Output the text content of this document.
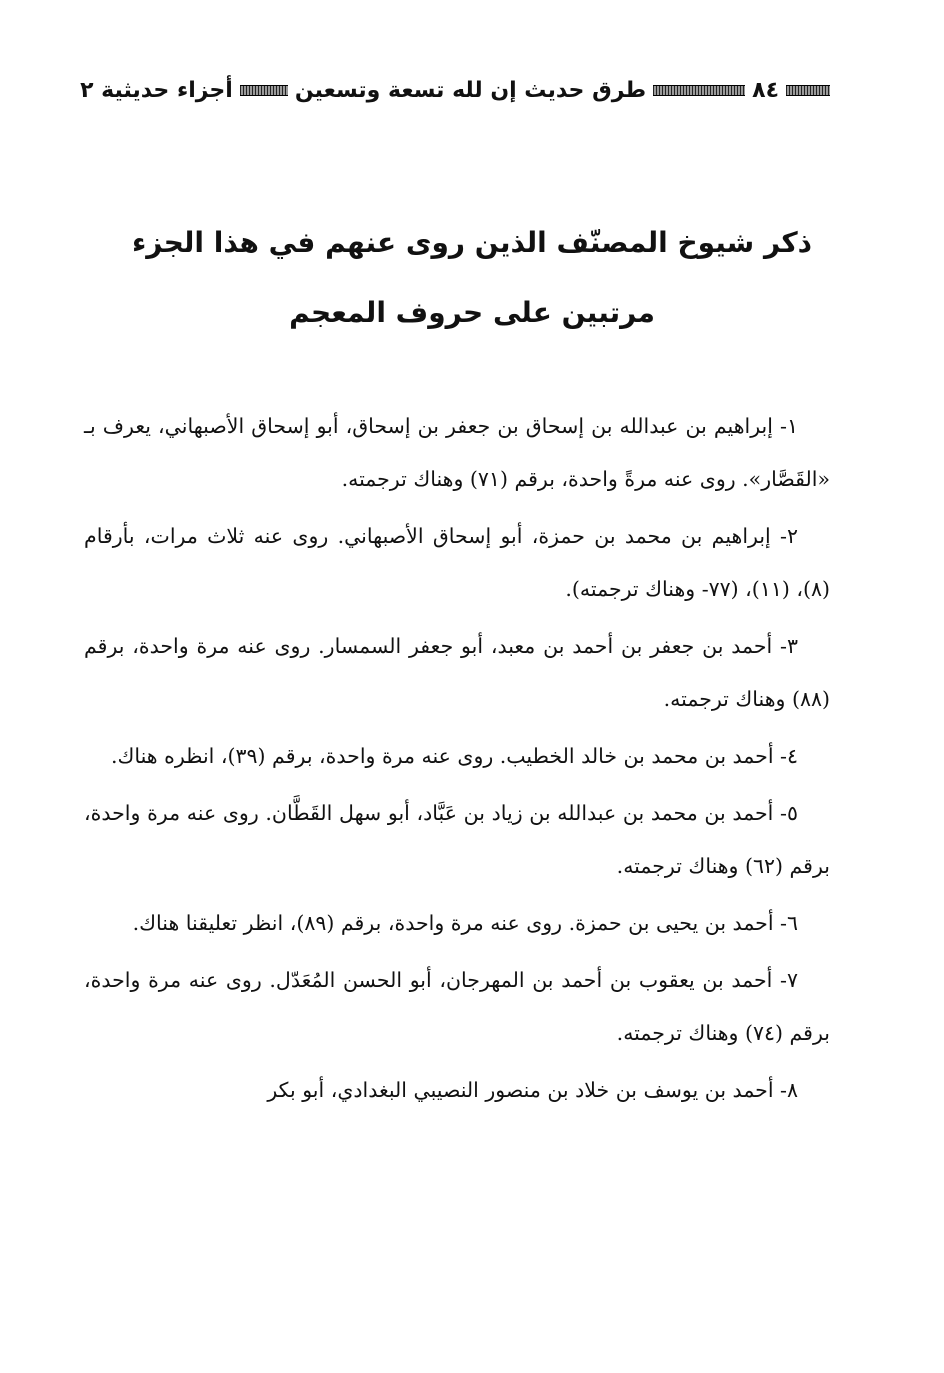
٨٤
طرق حديث إن لله تسعة وتسعين
أجزاء حديثية ٢
ذكر شيوخ المصنّف الذين روى عنهم في هذا الجزء
مرتبين على حروف المعجم

١- إبراهيم بن عبدالله بن إسحاق بن جعفر بن إسحاق، أبو إسحاق الأصبهاني، يعرف بـ «القَصَّار». روى عنه مرةً واحدة، برقم (٧١) وهناك ترجمته.

٢- إبراهيم بن محمد بن حمزة، أبو إسحاق الأصبهاني. روى عنه ثلاث مرات، بأرقام (٨)، (١١)، (٧٧- وهناك ترجمته).

٣- أحمد بن جعفر بن أحمد بن معبد، أبو جعفر السمسار. روى عنه مرة واحدة، برقم (٨٨) وهناك ترجمته.

٤- أحمد بن محمد بن خالد الخطيب. روى عنه مرة واحدة، برقم (٣٩)، انظره هناك.

٥- أحمد بن محمد بن عبدالله بن زياد بن عَبَّاد، أبو سهل القَطَّان. روى عنه مرة واحدة، برقم (٦٢) وهناك ترجمته.

٦- أحمد بن يحيى بن حمزة. روى عنه مرة واحدة، برقم (٨٩)، انظر تعليقنا هناك.

٧- أحمد بن يعقوب بن أحمد بن المهرجان، أبو الحسن المُعَدّل. روى عنه مرة واحدة، برقم (٧٤) وهناك ترجمته.

٨- أحمد بن يوسف بن خلاد بن منصور النصيبي البغدادي، أبو بكر
